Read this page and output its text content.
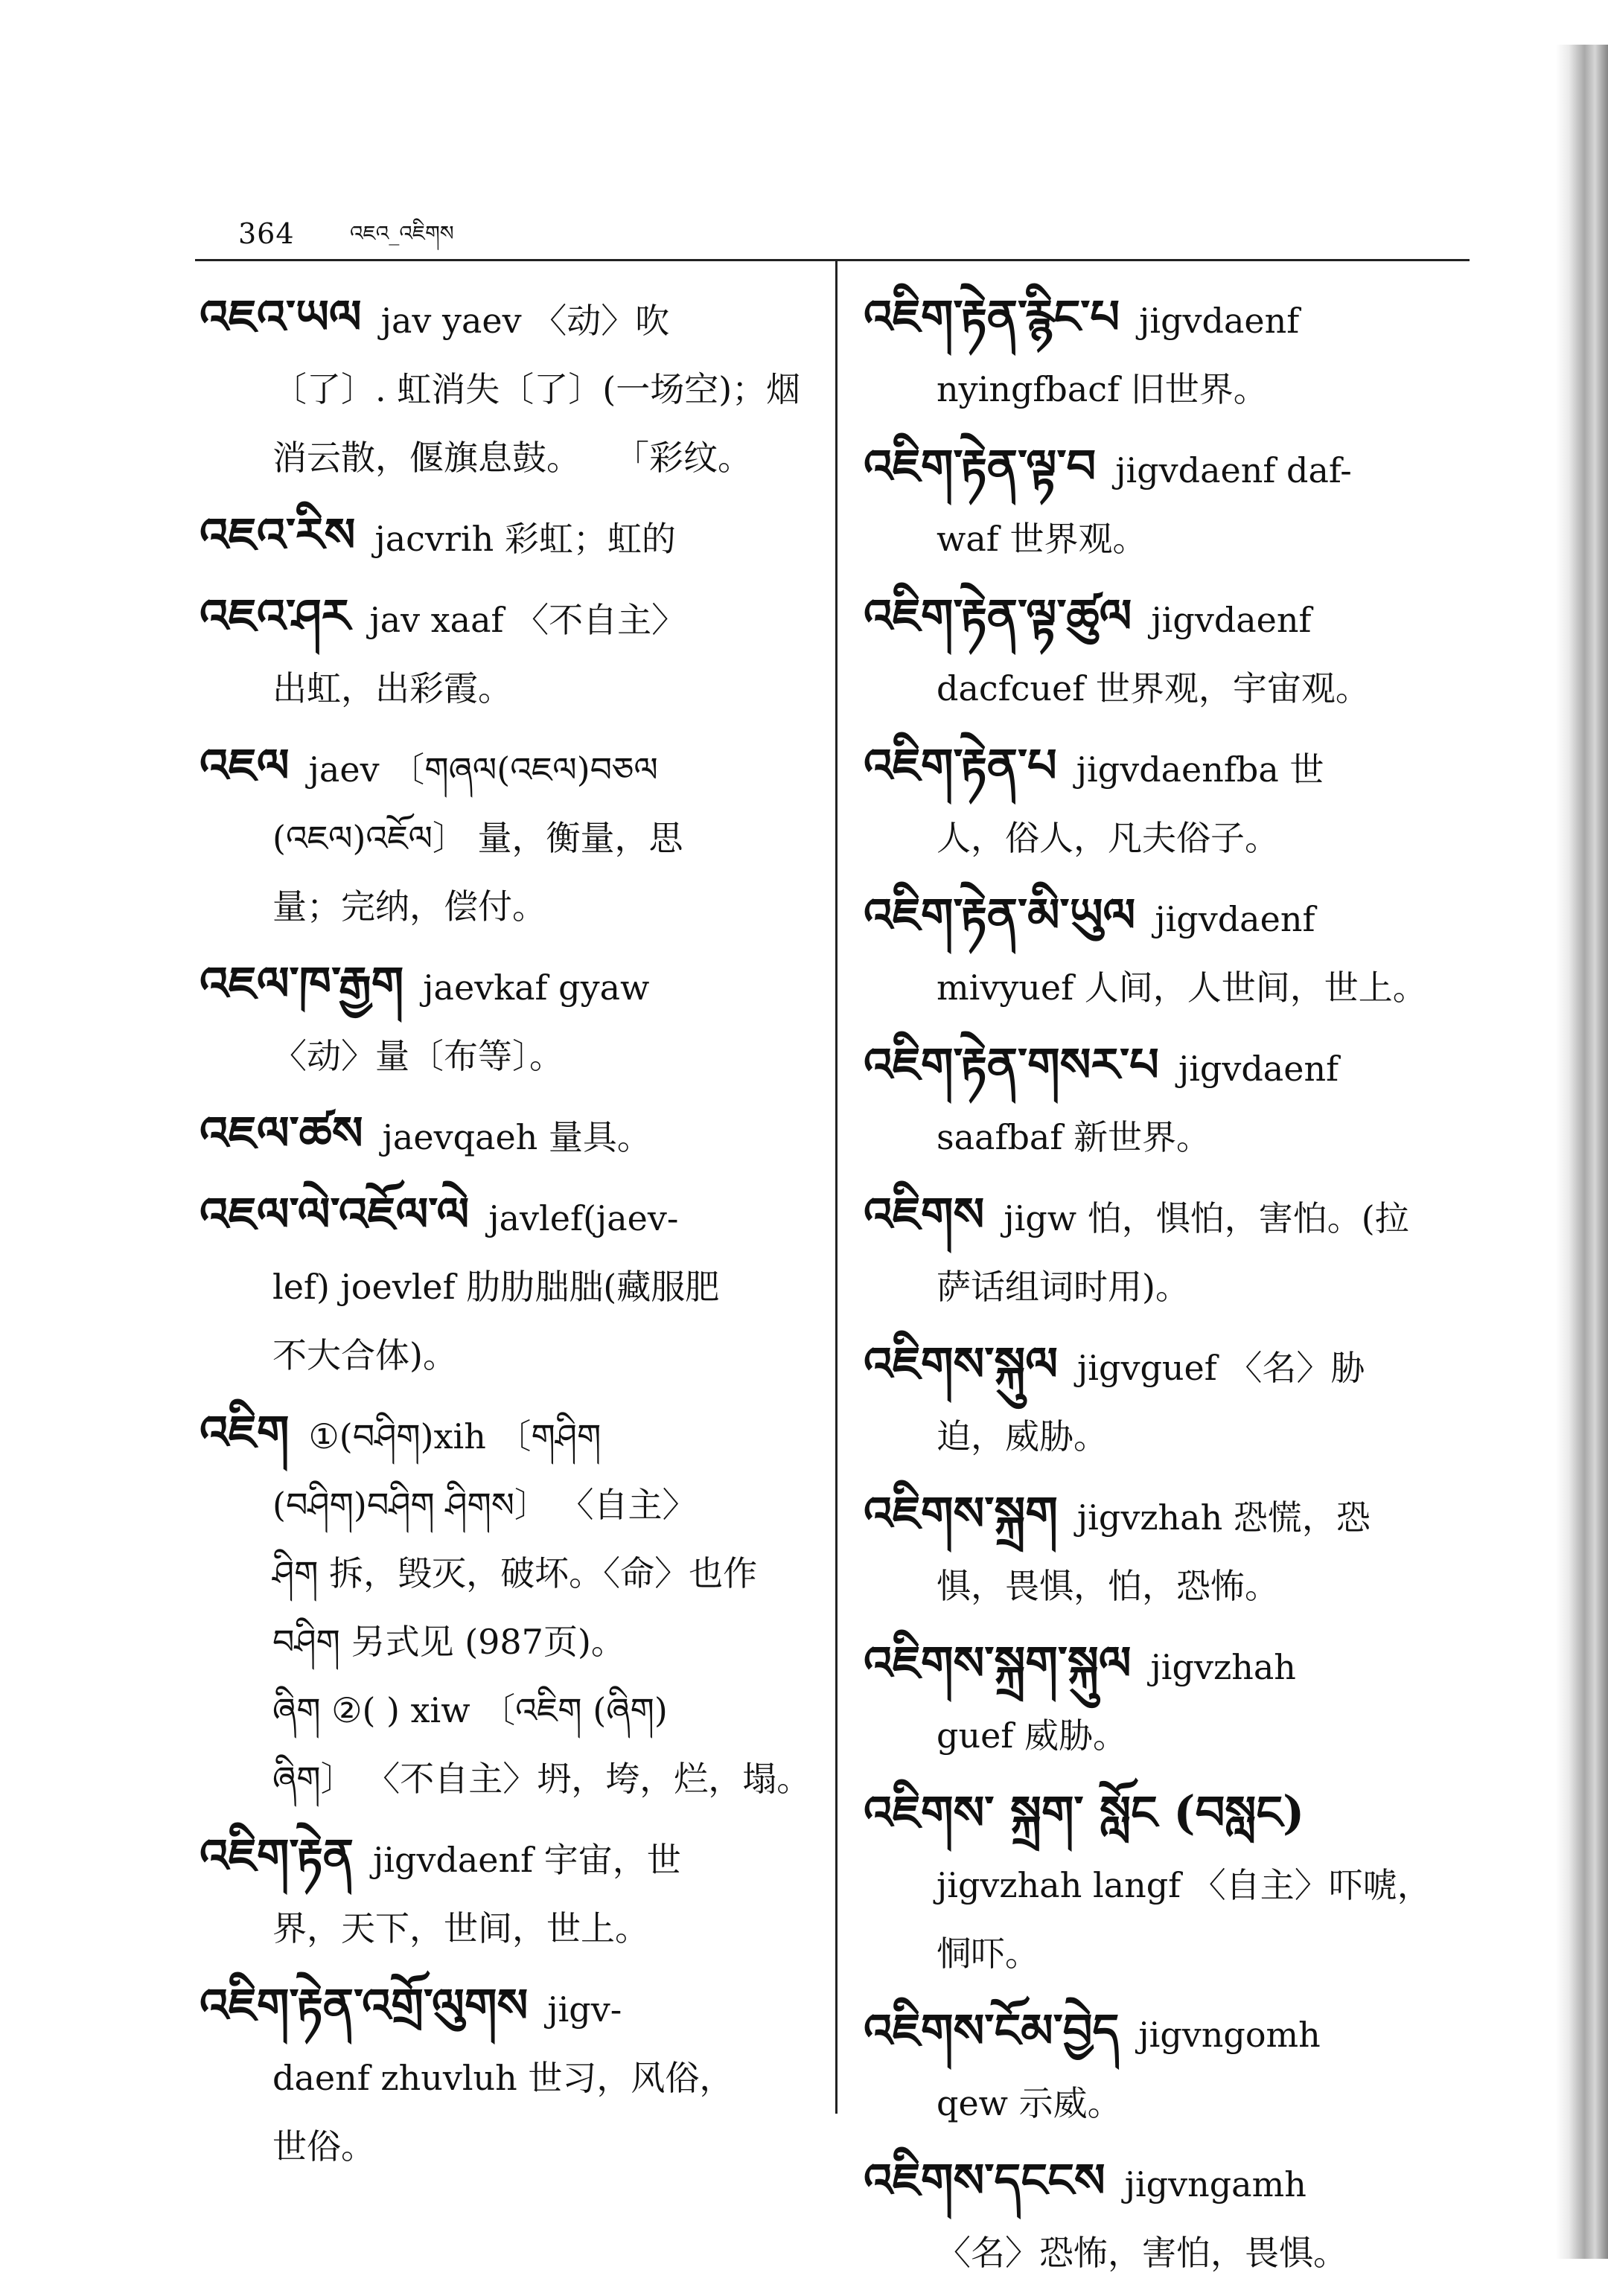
364	འཇའ_འཇིགས
འཇའ་ཡལ jav yaev 〈动〉吹
〔了〕. 虹消失〔了〕(一场空)；烟
消云散，偃旗息鼓。　　「彩纹。
འཇའ་རིས jacvrih 彩虹；虹的
འཇའ་ཤར jav xaaf 〈不自主〉
出虹，出彩霞。
འཇལ jaev 〔གཞལ(འཇལ)བཅལ
(འཇལ)འཇོལ〕 量，衡量，思
量；完纳，偿付。
འཇལ་ཁ་རྒྱག jaevkaf gyaw
〈动〉量〔布等〕。
འཇལ་ཚས jaevqaeh 量具。
འཇལ་ལེ་འཇོལ་ལེ javlef(jaev-
lef) joevlef 肋肋朏朏(藏服肥
不大合体)。
འཇིག ①(བཤིག)xih 〔གཤིག
(བཤིག)བཤིག ཤིགས〕 〈自主〉
ཤིག 拆，毁灭，破坏。〈命〉也作
བཤིག 另式见 (987页)。
ཞིག ②( ) xiw 〔འཇིག (ཞིག)
ཞིག〕 〈不自主〉坍，垮，烂，塌。
འཇིག་རྟེན jigvdaenf 宇宙，世
界，天下，世间，世上。
འཇིག་རྟེན་འགྲོ་ལུགས jigv-
daenf zhuvluh 世习，风俗，
世俗。
འཇིག་རྟེན་རྙིང་པ jigvdaenf
nyingfbacf 旧世界。
འཇིག་རྟེན་ལྟ་བ jigvdaenf daf-
waf 世界观。
འཇིག་རྟེན་ལྟ་ཚུལ jigvdaenf
dacfcuef 世界观，宇宙观。
འཇིག་རྟེན་པ jigvdaenfba 世
人，俗人，凡夫俗子。
འཇིག་རྟེན་མི་ཡུལ jigvdaenf
mivyuef 人间，人世间，世上。
འཇིག་རྟེན་གསར་པ jigvdaenf
saafbaf 新世界。
འཇིགས jigw 怕，惧怕，害怕。(拉
萨话组词时用)。
འཇིགས་སྐུལ jigvguef 〈名〉胁
迫，威胁。
འཇིགས་སྐྲག jigvzhah 恐慌，恐
惧，畏惧，怕，恐怖。
འཇིགས་སྐྲག་སྐུལ jigvzhah
guef 威胁。
འཇིགས་ སྐྲག་ སློང (བསླང)
jigvzhah langf 〈自主〉吓唬，
恫吓。
འཇིགས་ངོམ་བྱེད jigvngomh
qew 示威。
འཇིགས་དངངས jigvngamh
〈名〉恐怖，害怕，畏惧。
